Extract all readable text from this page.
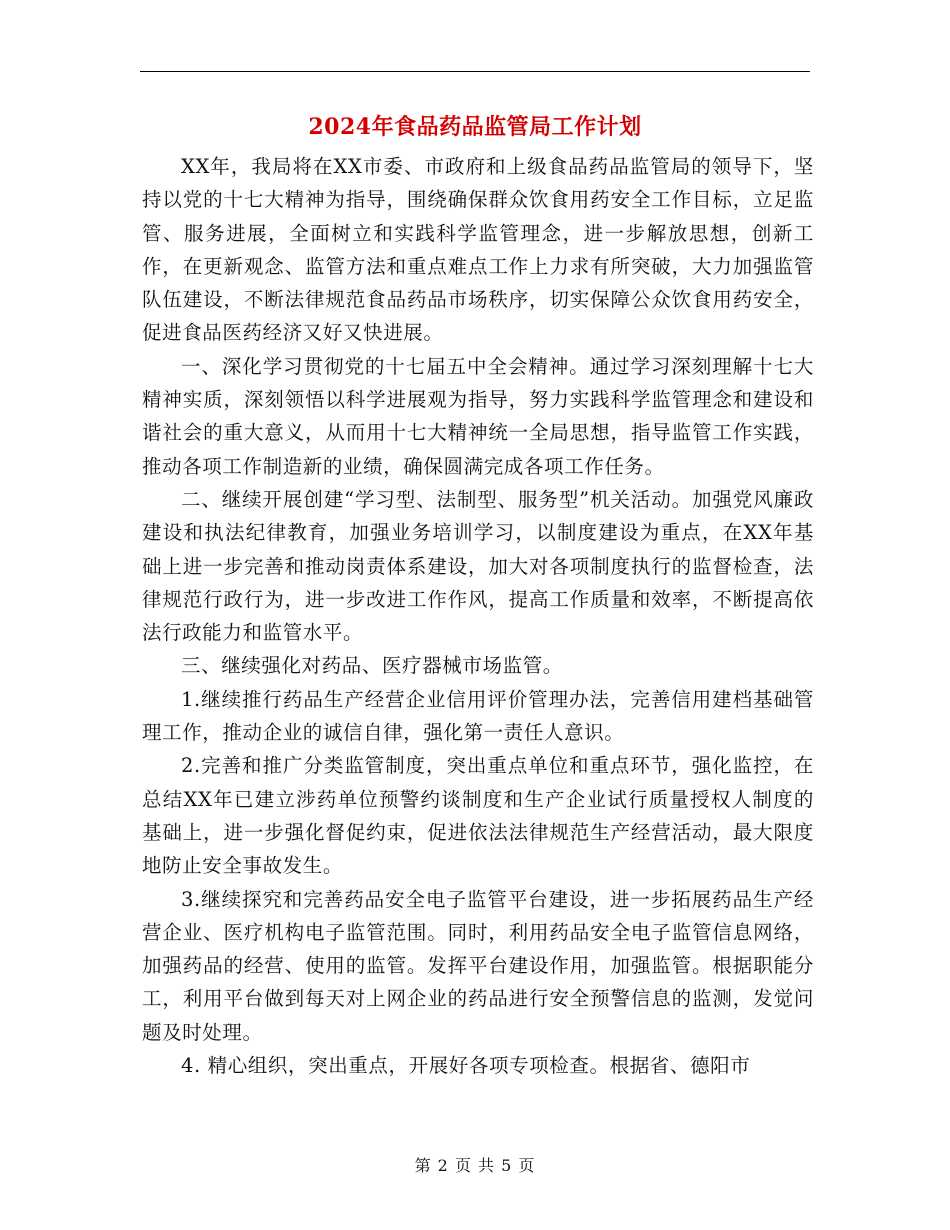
2024年食品药品监管局工作计划

XX年，我局将在XX市委、市政府和上级食品药品监管局的领导下，坚持以党的十七大精神为指导，围绕确保群众饮食用药安全工作目标，立足监管、服务进展，全面树立和实践科学监管理念，进一步解放思想，创新工作，在更新观念、监管方法和重点难点工作上力求有所突破，大力加强监管队伍建设，不断法律规范食品药品市场秩序，切实保障公众饮食用药安全，促进食品医药经济又好又快进展。

一、深化学习贯彻党的十七届五中全会精神。通过学习深刻理解十七大精神实质，深刻领悟以科学进展观为指导，努力实践科学监管理念和建设和谐社会的重大意义，从而用十七大精神统一全局思想，指导监管工作实践，推动各项工作制造新的业绩，确保圆满完成各项工作任务。

二、继续开展创建“学习型、法制型、服务型”机关活动。加强党风廉政建设和执法纪律教育，加强业务培训学习，以制度建设为重点，在XX年基础上进一步完善和推动岗责体系建设，加大对各项制度执行的监督检查，法律规范行政行为，进一步改进工作作风，提高工作质量和效率，不断提高依法行政能力和监管水平。

三、继续强化对药品、医疗器械市场监管。

1.继续推行药品生产经营企业信用评价管理办法，完善信用建档基础管理工作，推动企业的诚信自律，强化第一责任人意识。

2.完善和推广分类监管制度，突出重点单位和重点环节，强化监控，在总结XX年已建立涉药单位预警约谈制度和生产企业试行质量授权人制度的基础上，进一步强化督促约束，促进依法法律规范生产经营活动，最大限度地防止安全事故发生。

3.继续探究和完善药品安全电子监管平台建设，进一步拓展药品生产经营企业、医疗机构电子监管范围。同时，利用药品安全电子监管信息网络，加强药品的经营、使用的监管。发挥平台建设作用，加强监管。根据职能分工，利用平台做到每天对上网企业的药品进行安全预警信息的监测，发觉问题及时处理。

4. 精心组织，突出重点，开展好各项专项检查。根据省、德阳市

第 2 页 共 5 页
